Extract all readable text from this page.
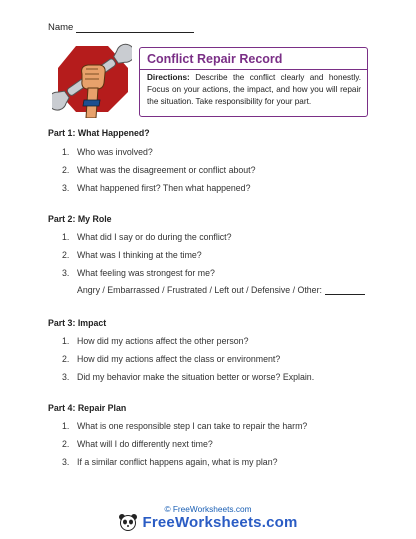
Name
Conflict Repair Record
Directions: Describe the conflict clearly and honestly. Focus on your actions, the impact, and how you will repair the situation. Take responsibility for your part.
Part 1: What Happened?
1. Who was involved?
2. What was the disagreement or conflict about?
3. What happened first? Then what happened?
Part 2: My Role
1. What did I say or do during the conflict?
2. What was I thinking at the time?
3. What feeling was strongest for me?
Angry / Embarrassed / Frustrated / Left out / Defensive / Other:
Part 3: Impact
1. How did my actions affect the other person?
2. How did my actions affect the class or environment?
3. Did my behavior make the situation better or worse? Explain.
Part 4: Repair Plan
1. What is one responsible step I can take to repair the harm?
2. What will I do differently next time?
3. If a similar conflict happens again, what is my plan?
© FreeWorksheets.com
FreeWorksheets.com
